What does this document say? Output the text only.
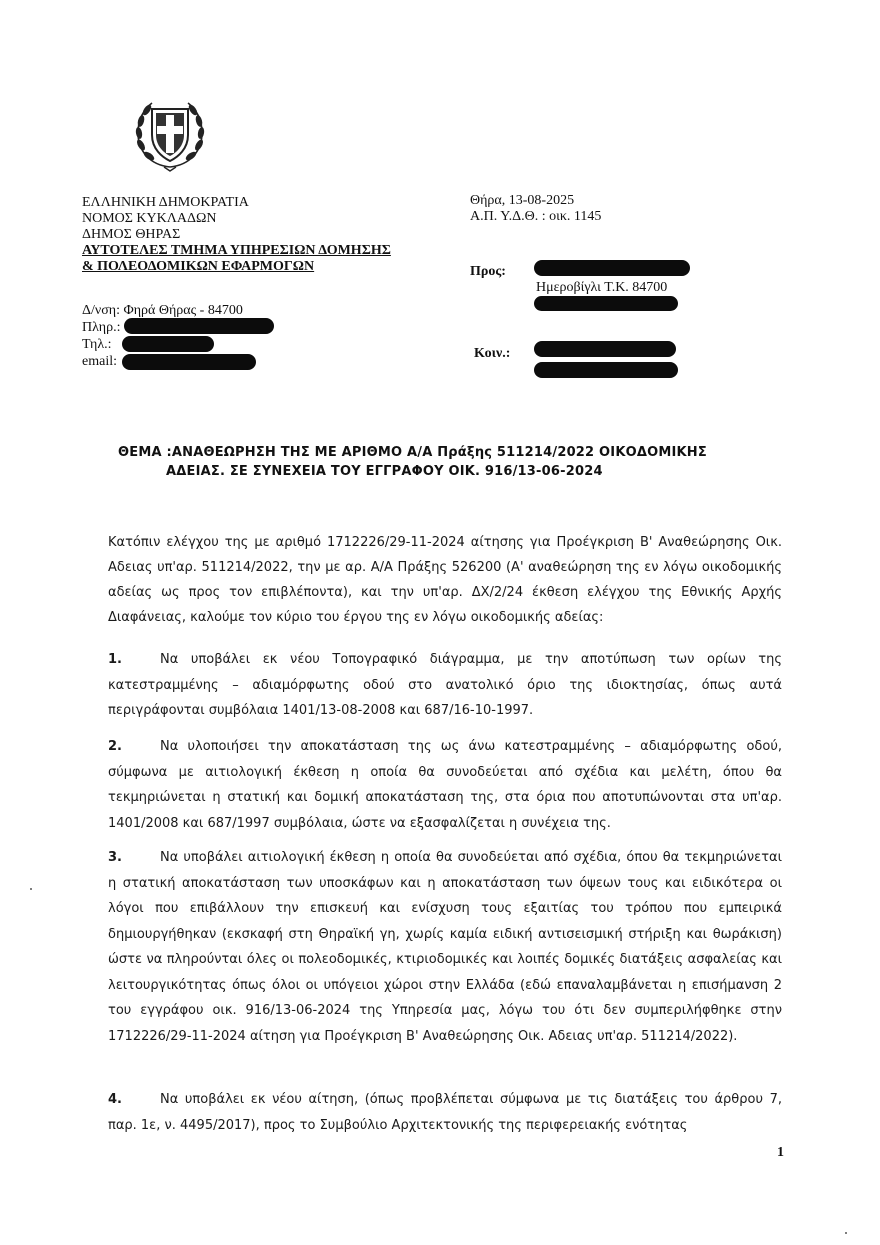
ΕΛΛΗΝΙΚΗ ΔΗΜΟΚΡΑΤΙΑ
ΝΟΜΟΣ ΚΥΚΛΑΔΩΝ
ΔΗΜΟΣ ΘΗΡΑΣ
ΑΥΤΟΤΕΛΕΣ ΤΜΗΜΑ ΥΠΗΡΕΣΙΩΝ ΔΟΜΗΣΗΣ
& ΠΟΛΕΟΔΟΜΙΚΩΝ ΕΦΑΡΜΟΓΩΝ
Θήρα, 13-08-2025
Α.Π. Υ.Δ.Θ. : οικ. 1145
Προς:
Ημεροβίγλι Τ.Κ. 84700
Κοιν.:
Δ/νση: Φηρά Θήρας - 84700
Πληρ.:
Τηλ.:
email:
ΘΕΜΑ :ΑΝΑΘΕΩΡΗΣΗ ΤΗΣ ΜΕ ΑΡΙΘΜΟ Α/Α Πράξης 511214/2022 ΟΙΚΟΔΟΜΙΚΗΣ
ΑΔΕΙΑΣ. ΣΕ ΣΥΝΕΧΕΙΑ ΤΟΥ ΕΓΓΡΑΦΟΥ ΟΙΚ. 916/13-06-2024
Κατόπιν ελέγχου της με αριθμό 1712226/29-11-2024 αίτησης για Προέγκριση Β' Αναθεώρησης Οικ. Αδειας υπ'αρ. 511214/2022, την με αρ. Α/Α Πράξης 526200 (Α' αναθεώρηση της εν λόγω οικοδομικής αδείας ως προς τον επιβλέποντα), και την υπ'αρ. ΔΧ/2/24 έκθεση ελέγχου της Εθνικής Αρχής Διαφάνειας, καλούμε τον κύριο του έργου της εν λόγω οικοδομικής αδείας:
1.	Να υποβάλει εκ νέου Τοπογραφικό διάγραμμα, με την αποτύπωση των ορίων της κατεστραμμένης – αδιαμόρφωτης οδού στο ανατολικό όριο της ιδιοκτησίας, όπως αυτά περιγράφονται συμβόλαια 1401/13-08-2008 και 687/16-10-1997.
2.	Να υλοποιήσει την αποκατάσταση της ως άνω κατεστραμμένης – αδιαμόρφωτης οδού, σύμφωνα με αιτιολογική έκθεση η οποία θα συνοδεύεται από σχέδια και μελέτη, όπου θα τεκμηριώνεται η στατική και δομική αποκατάσταση της, στα όρια που αποτυπώνονται στα υπ'αρ. 1401/2008 και 687/1997 συμβόλαια, ώστε να εξασφαλίζεται η συνέχεια της.
3.	Να υποβάλει αιτιολογική έκθεση η οποία θα συνοδεύεται από σχέδια, όπου θα τεκμηριώνεται η στατική αποκατάσταση των υποσκάφων και η αποκατάσταση των όψεων τους και ειδικότερα οι λόγοι που επιβάλλουν την επισκευή και ενίσχυση τους εξαιτίας του τρόπου που εμπειρικά δημιουργήθηκαν (εκσκαφή στη Θηραϊκή γη, χωρίς καμία ειδική αντισεισμική στήριξη και θωράκιση) ώστε να πληρούνται όλες οι πολεοδομικές, κτιριοδομικές και λοιπές δομικές διατάξεις ασφαλείας και λειτουργικότητας όπως όλοι οι υπόγειοι χώροι στην Ελλάδα (εδώ επαναλαμβάνεται η επισήμανση 2 του εγγράφου οικ. 916/13-06-2024 της Υπηρεσία μας, λόγω του ότι δεν συμπεριλήφθηκε στην 1712226/29-11-2024 αίτηση για Προέγκριση Β' Αναθεώρησης Οικ. Αδειας υπ'αρ. 511214/2022).
4.	Να υποβάλει εκ νέου αίτηση, (όπως προβλέπεται σύμφωνα με τις διατάξεις του άρθρου 7, παρ. 1ε, ν. 4495/2017), προς το Συμβούλιο Αρχιτεκτονικής της περιφερειακής ενότητας
1
